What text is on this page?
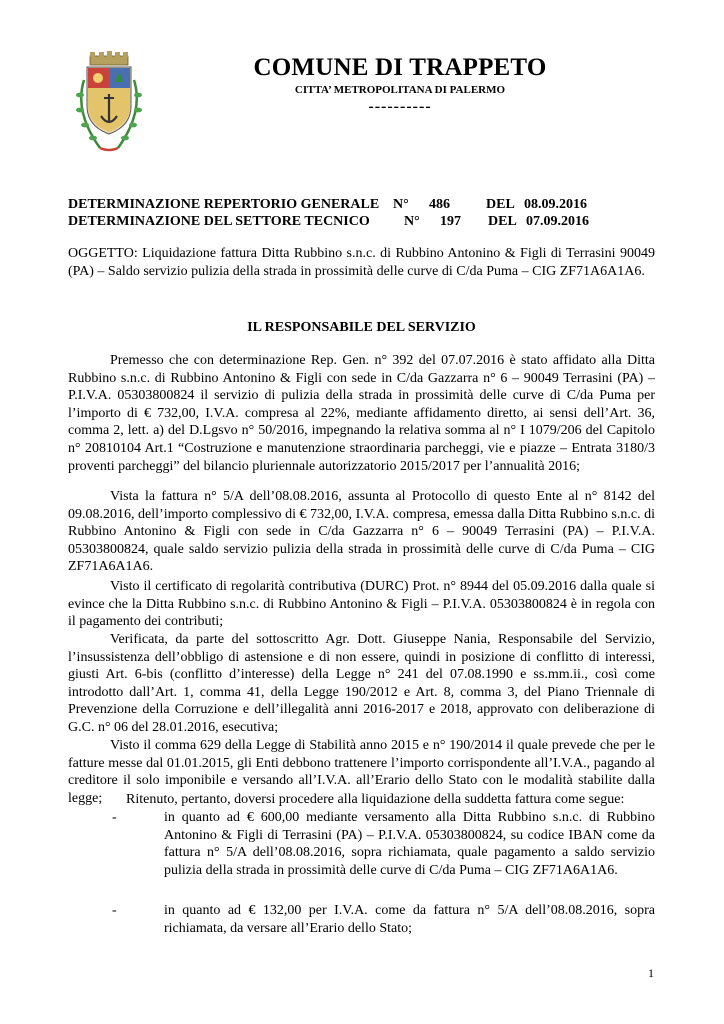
COMUNE DI TRAPPETO
CITTA’ METROPOLITANA DI PALERMO
----------
DETERMINAZIONE REPERTORIO GENERALE N° 486	DEL 08.09.2016
DETERMINAZIONE DEL SETTORE TECNICO N° 197 DEL 07.09.2016
OGGETTO: Liquidazione fattura Ditta Rubbino s.n.c. di Rubbino Antonino & Figli di Terrasini 90049 (PA) – Saldo servizio pulizia della strada in prossimità delle curve di C/da Puma – CIG ZF71A6A1A6.
IL RESPONSABILE DEL SERVIZIO
Premesso che con determinazione Rep. Gen. n° 392 del 07.07.2016 è stato affidato alla Ditta Rubbino s.n.c. di Rubbino Antonino & Figli con sede in C/da Gazzarra n° 6 – 90049 Terrasini (PA) – P.I.V.A. 05303800824 il servizio di pulizia della strada in prossimità delle curve di C/da Puma per l’importo di € 732,00, I.V.A. compresa al 22%, mediante affidamento diretto, ai sensi dell’Art. 36, comma 2, lett. a) del D.Lgsvo n° 50/2016, impegnando la relativa somma al n° I 1079/206 del Capitolo n° 20810104 Art.1 “Costruzione e manutenzione straordinaria parcheggi, vie e piazze – Entrata 3180/3 proventi parcheggi” del bilancio pluriennale autorizzatorio 2015/2017 per l’annualità 2016;
Vista la fattura n° 5/A dell’08.08.2016, assunta al Protocollo di questo Ente al n° 8142 del 09.08.2016, dell’importo complessivo di € 732,00, I.V.A. compresa, emessa dalla Ditta Rubbino s.n.c. di Rubbino Antonino & Figli con sede in C/da Gazzarra n° 6 – 90049 Terrasini (PA) – P.I.V.A. 05303800824, quale saldo servizio pulizia della strada in prossimità delle curve di C/da Puma – CIG ZF71A6A1A6.
Visto il certificato di regolarità contributiva (DURC) Prot. n° 8944 del 05.09.2016 dalla quale si evince che la Ditta Rubbino s.n.c. di Rubbino Antonino & Figli – P.I.V.A. 05303800824 è in regola con il pagamento dei contributi;
Verificata, da parte del sottoscritto Agr. Dott. Giuseppe Nania, Responsabile del Servizio, l’insussistenza dell’obbligo di astensione e di non essere, quindi in posizione di conflitto di interessi, giusti Art. 6-bis (conflitto d’interesse) della Legge n° 241 del 07.08.1990 e ss.mm.ii., così come introdotto dall’Art. 1, comma 41, della Legge 190/2012 e Art. 8, comma 3, del Piano Triennale di Prevenzione della Corruzione e dell’illegalità anni 2016-2017 e 2018, approvato con deliberazione di G.C. n° 06 del 28.01.2016, esecutiva;
Visto il comma 629 della Legge di Stabilità anno 2015 e n° 190/2014 il quale prevede che per le fatture messe dal 01.01.2015, gli Enti debbono trattenere l’importo corrispondente all’I.V.A., pagando al creditore il solo imponibile e versando all’I.V.A. all’Erario dello Stato con le modalità stabilite dalla legge;	Ritenuto, pertanto, doversi procedere alla liquidazione della suddetta fattura come segue:
-	in quanto ad € 600,00 mediante versamento alla Ditta Rubbino s.n.c. di Rubbino Antonino & Figli di Terrasini (PA) – P.I.V.A. 05303800824, su codice IBAN come da fattura n° 5/A dell’08.08.2016, sopra richiamata, quale pagamento a saldo servizio pulizia della strada in prossimità delle curve di C/da Puma – CIG ZF71A6A1A6.
-	in quanto ad € 132,00 per I.V.A. come da fattura n° 5/A dell’08.08.2016, sopra richiamata, da versare all’Erario dello Stato;
1
